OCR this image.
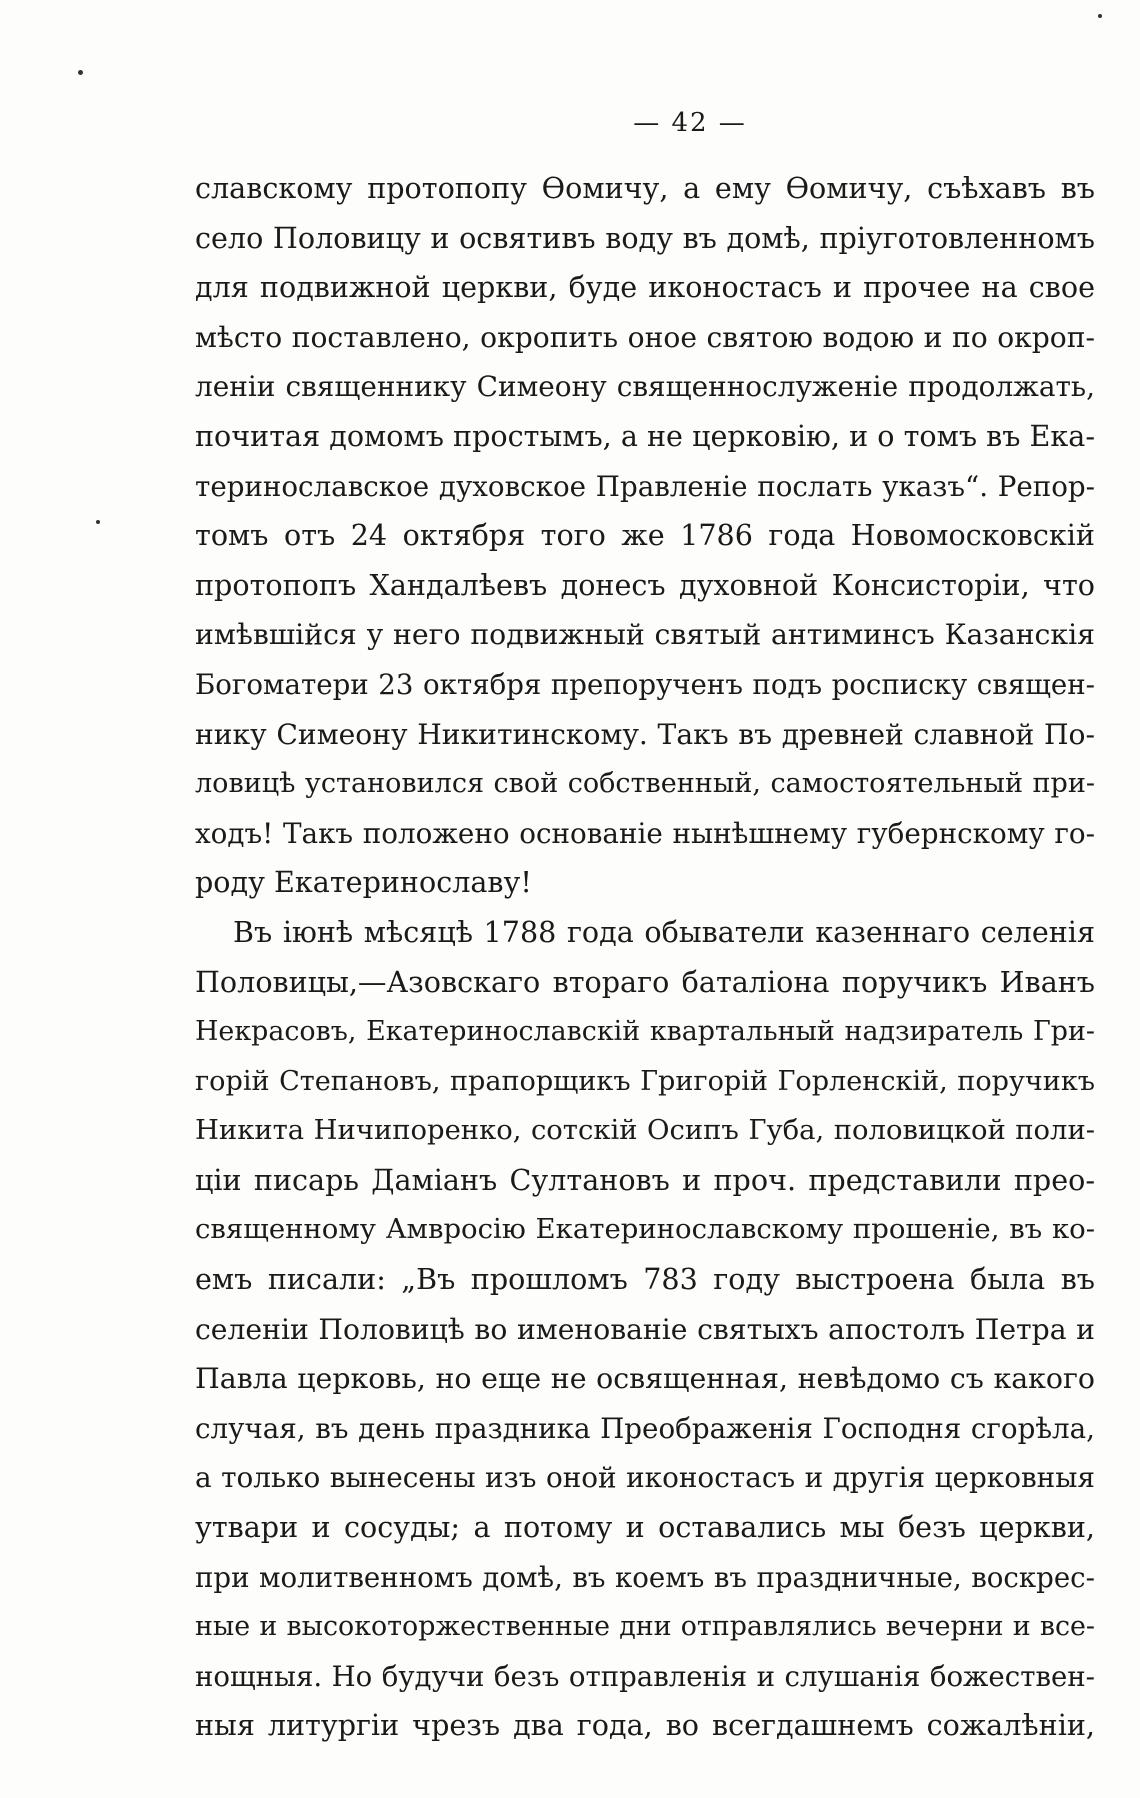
— 42 —
славскому протопопу Ѳомичу, а ему Ѳомичу, съѣхавъ въ
село Половицу и освятивъ воду въ домѣ, пріуготовленномъ
для подвижной церкви, буде иконостасъ и прочее на свое
мѣсто поставлено, окропить оное святою водою и по окроп-
леніи священнику Симеону священнослуженіе продолжать,
почитая домомъ простымъ, а не церковію, и о томъ въ Ека-
теринославское духовское Правленіе послать указъ“. Репор-
томъ отъ 24 октября того же 1786 года Новомосковскій
протопопъ Хандалѣевъ донесъ духовной Консисторіи, что
имѣвшійся у него подвижный святый антиминсъ Казанскія
Богоматери 23 октября препорученъ подъ росписку священ-
нику Симеону Никитинскому. Такъ въ древней славной По-
ловицѣ установился свой собственный, самостоятельный при-
ходъ! Такъ положено основаніе нынѣшнему губернскому го-
роду Екатеринославу!
Въ іюнѣ мѣсяцѣ 1788 года обыватели казеннаго селенія
Половицы,—Азовскаго втораго баталіона поручикъ Иванъ
Некрасовъ, Екатеринославскій квартальный надзиратель Гри-
горій Степановъ, прапорщикъ Григорій Горленскій, поручикъ
Никита Ничипоренко, сотскій Осипъ Губа, половицкой поли-
ціи писарь Даміанъ Султановъ и проч. представили прео-
священному Амвросію Екатеринославскому прошеніе, въ ко-
емъ писали: „Въ прошломъ 783 году выстроена была въ
селеніи Половицѣ во именованіе святыхъ апостолъ Петра и
Павла церковь, но еще не освященная, невѣдомо съ какого
случая, въ день праздника Преображенія Господня сгорѣла,
а только вынесены изъ оной иконостасъ и другія церковныя
утвари и сосуды; а потому и оставались мы безъ церкви,
при молитвенномъ домѣ, въ коемъ въ праздничные, воскрес-
ные и высокоторжественные дни отправлялись вечерни и все-
нощныя. Но будучи безъ отправленія и слушанія божествен-
ныя литургіи чрезъ два года, во всегдашнемъ сожалѣніи,
